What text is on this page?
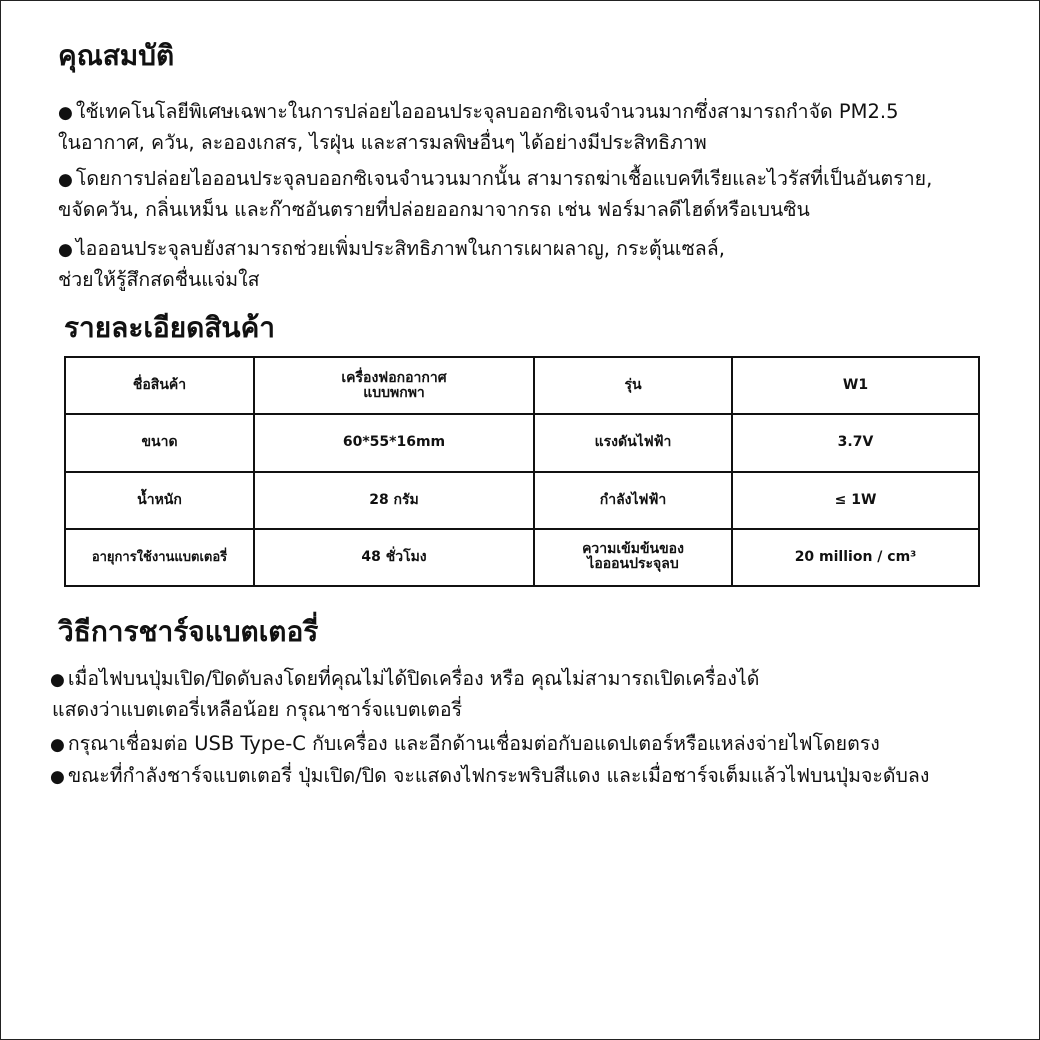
คุณสมบัติ

● ใช้เทคโนโลยีพิเศษเฉพาะในการปล่อยไอออนประจุลบออกซิเจนจำนวนมากซึ่งสามารถกำจัด PM2.5

ในอากาศ, ควัน, ละอองเกสร, ไรฝุ่น และสารมลพิษอื่นๆ ได้อย่างมีประสิทธิภาพ

● โดยการปล่อยไอออนประจุลบออกซิเจนจำนวนมากนั้น สามารถฆ่าเชื้อแบคทีเรียและไวรัสที่เป็นอันตราย,

ขจัดควัน, กลิ่นเหม็น และก๊าซอันตรายที่ปล่อยออกมาจากรถ เช่น ฟอร์มาลดีไฮด์หรือเบนซิน

● ไอออนประจุลบยังสามารถช่วยเพิ่มประสิทธิภาพในการเผาผลาญ, กระตุ้นเซลล์,

ช่วยให้รู้สึกสดชื่นแจ่มใส

รายละเอียดสินค้า
ชื่อสินค้า	เครื่องฟอกอากาศ
แบบพกพา	รุ่น	W1
ขนาด	60*55*16mm	แรงดันไฟฟ้า	3.7V
น้ำหนัก	28 กรัม	กำลังไฟฟ้า	≤ 1W
อายุการใช้งานแบตเตอรี่	48 ชั่วโมง	ความเข้มข้นของ
ไอออนประจุลบ	20 million / cm³
วิธีการชาร์จแบตเตอรี่

● เมื่อไฟบนปุ่มเปิด/ปิดดับลงโดยที่คุณไม่ได้ปิดเครื่อง หรือ คุณไม่สามารถเปิดเครื่องได้

แสดงว่าแบตเตอรี่เหลือน้อย กรุณาชาร์จแบตเตอรี่

● กรุณาเชื่อมต่อ USB Type-C กับเครื่อง และอีกด้านเชื่อมต่อกับอแดปเตอร์หรือแหล่งจ่ายไฟโดยตรง

● ขณะที่กำลังชาร์จแบตเตอรี่ ปุ่มเปิด/ปิด จะแสดงไฟกระพริบสีแดง และเมื่อชาร์จเต็มแล้วไฟบนปุ่มจะดับลง
